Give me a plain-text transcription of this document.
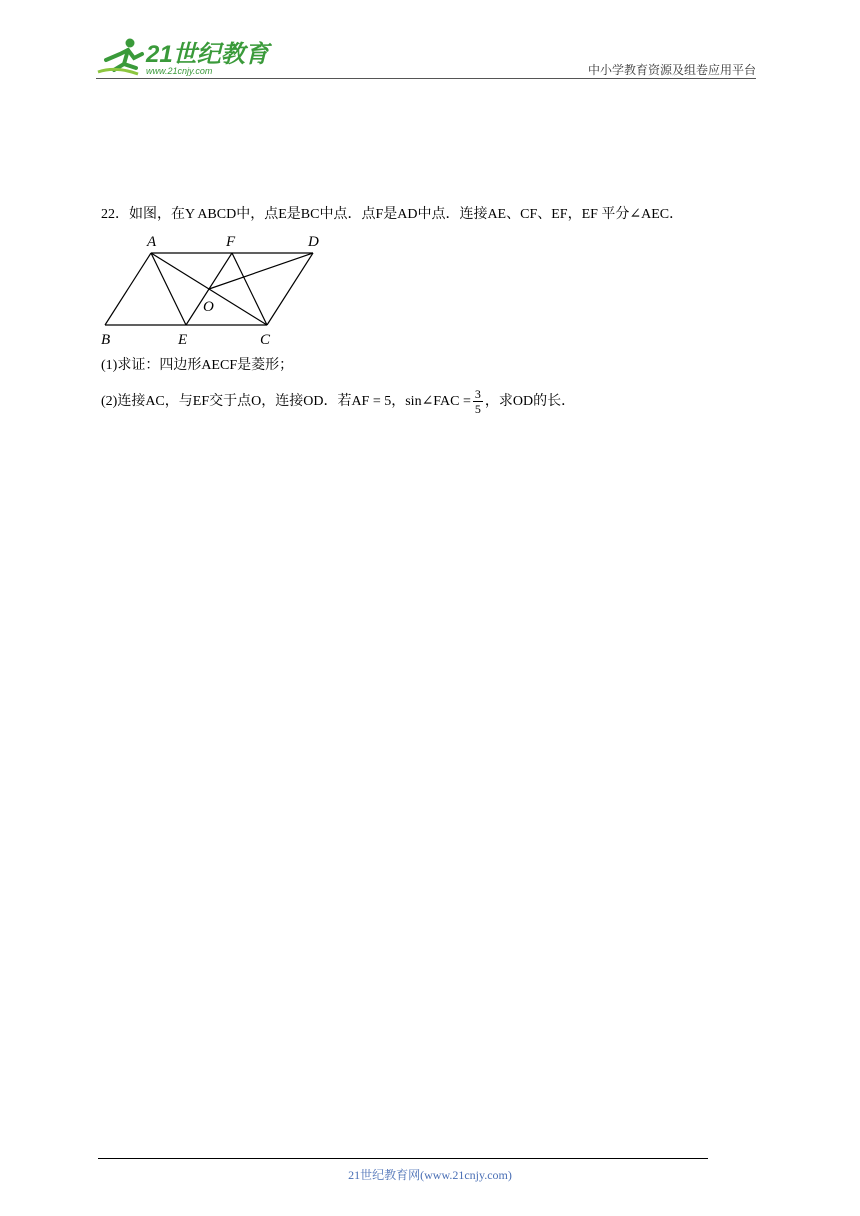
21世纪教育
www.21cnjy.com	中小学教育资源及组卷应用平台
22．如图，在Y ABCD中，点E是BC中点．点F是AD中点．连接AE、CF、EF，EF 平分∠AEC．
A	F	D
O
B	E	C
(1)求证：四边形AECF是菱形；
(2)连接AC，与EF交于点O，连接OD．若AF = 5，sin∠FAC = $\frac{3}{5}$ ，求OD的长．
21世纪教育网(www.21cnjy.com)
